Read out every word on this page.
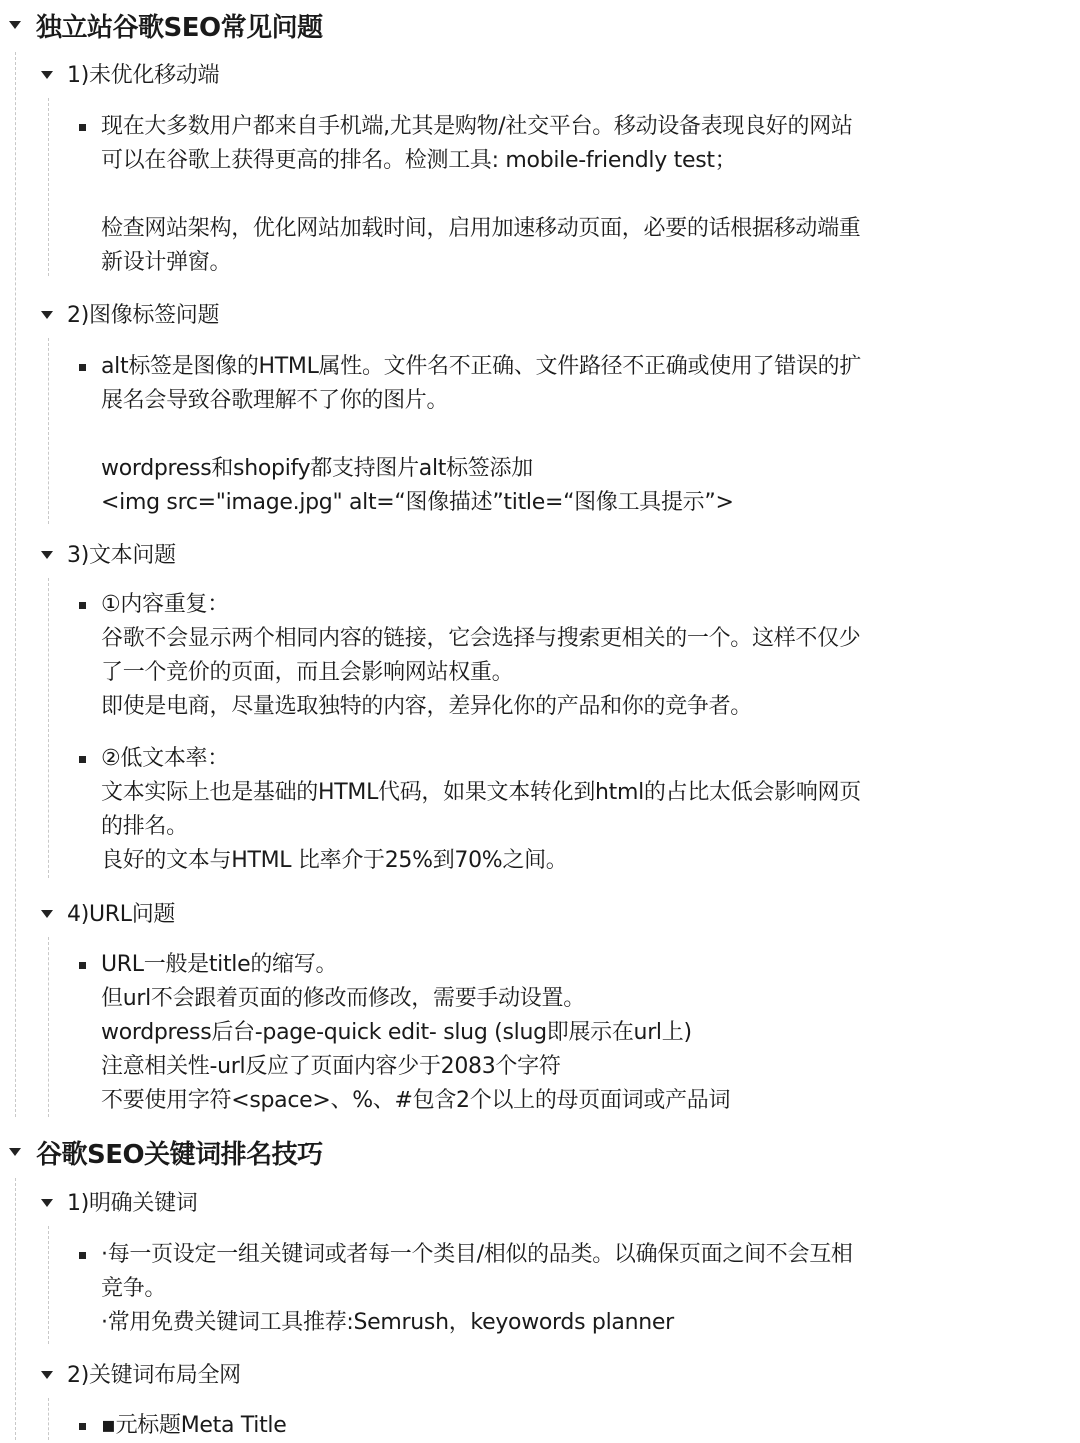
独立站谷歌SEO常见问题
1)未优化移动端
现在大多数用户都来自手机端,尤其是购物/社交平台。移动设备表现良好的网站
可以在谷歌上获得更高的排名。检测工具: mobile-friendly test；

检查网站架构，优化网站加载时间，启用加速移动页面，必要的话根据移动端重
新设计弹窗。
2)图像标签问题
alt标签是图像的HTML属性。文件名不正确、文件路径不正确或使用了错误的扩
展名会导致谷歌理解不了你的图片。

wordpress和shopify都支持图片alt标签添加
<img src="image.jpg" alt=“图像描述”title=“图像工具提示”>
3)文本问题
①内容重复：
谷歌不会显示两个相同内容的链接，它会选择与搜索更相关的一个。这样不仅少
了一个竞价的页面，而且会影响网站权重。
即使是电商，尽量选取独特的内容，差异化你的产品和你的竞争者。
②低文本率：
文本实际上也是基础的HTML代码，如果文本转化到html的占比太低会影响网页
的排名。
良好的文本与HTML 比率介于25%到70%之间。
4)URL问题
URL一般是title的缩写。
但url不会跟着页面的修改而修改，需要手动设置。
wordpress后台-page-quick edit- slug (slug即展示在url上)
注意相关性-url反应了页面内容少于2083个字符
不要使用字符<space>、%、#包含2个以上的母页面词或产品词
谷歌SEO关键词排名技巧
1)明确关键词
·每一页设定一组关键词或者每一个类目/相似的品类。以确保页面之间不会互相
竞争。
·常用免费关键词工具推荐:Semrush，keyowords planner
2)关键词布局全网
▪元标题Meta Title
